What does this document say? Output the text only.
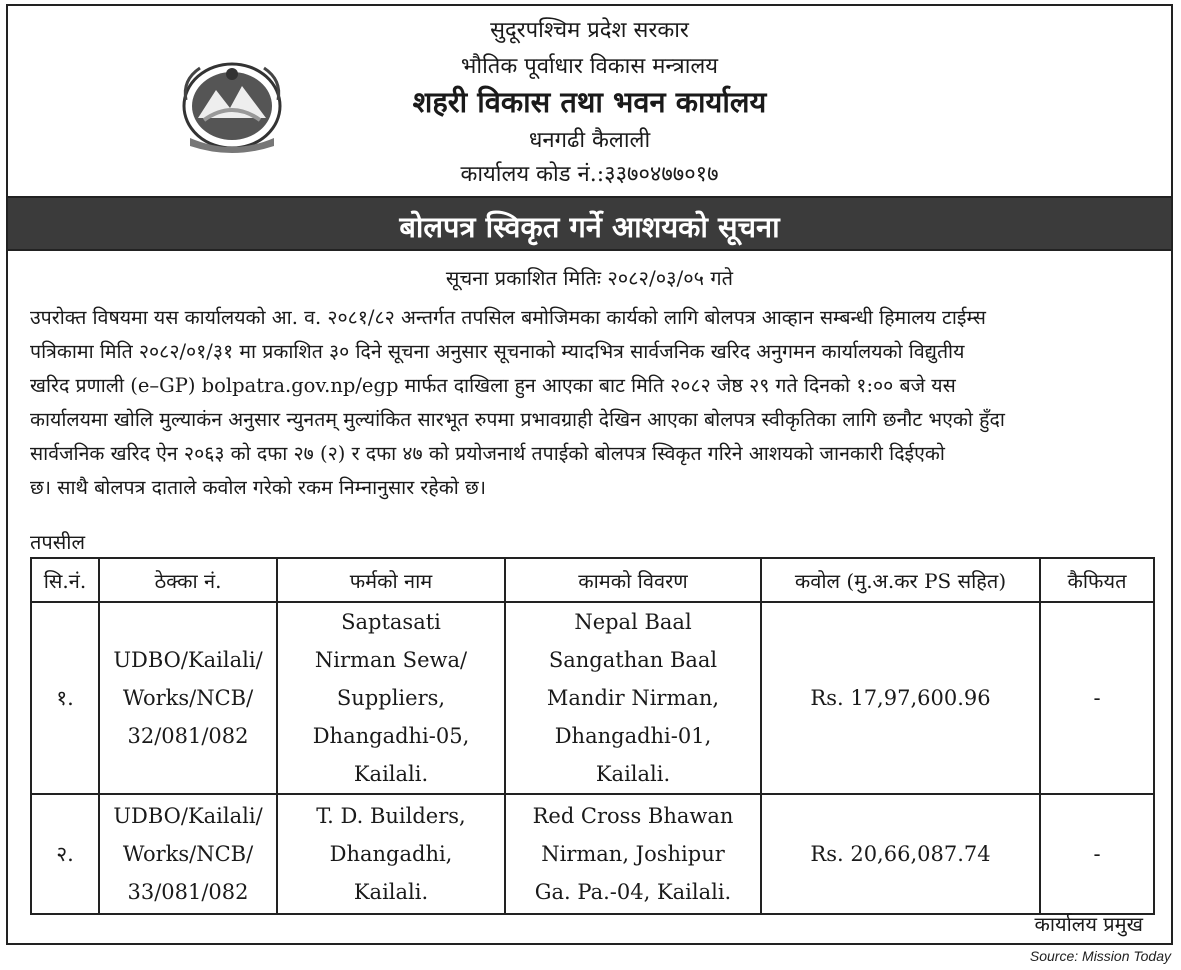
सुदूरपश्चिम प्रदेश सरकार
भौतिक पूर्वाधार विकास मन्त्रालय
शहरी विकास तथा भवन कार्यालय
धनगढी कैलाली
कार्यालय कोड नं.:३३७०४७७०१७
बोलपत्र स्विकृत गर्ने आशयको सूचना
सूचना प्रकाशित मितिः २०८२/०३/०५ गते
उपरोक्त विषयमा यस कार्यालयको आ. व. २०८१/८२ अन्तर्गत तपसिल बमोजिमका कार्यको लागि बोलपत्र आव्हान सम्बन्धी हिमालय टाईम्स
पत्रिकामा मिति २०८२/०१/३१ मा प्रकाशित ३० दिने सूचना अनुसार सूचनाको म्यादभित्र सार्वजनिक खरिद अनुगमन कार्यालयको विद्युतीय
खरिद प्रणाली (e–GP) bolpatra.gov.np/egp मार्फत दाखिला हुन आएका बाट मिति २०८२ जेष्ठ २९ गते दिनको १:०० बजे यस
कार्यालयमा खोलि मुल्याकंन अनुसार न्युनतम् मुल्यांकित सारभूत रुपमा प्रभावग्राही देखिन आएका बोलपत्र स्वीकृतिका लागि छनौट भएको हुँदा
सार्वजनिक खरिद ऐन २०६३ को दफा २७ (२) र दफा ४७ को प्रयोजनार्थ तपाईको बोलपत्र स्विकृत गरिने आशयको जानकारी दिईएको
छ। साथै बोलपत्र दाताले कवोल गरेको रकम निम्नानुसार रहेको छ।
तपसील
सि.नं.	ठेक्का नं.	फर्मको नाम	कामको विवरण	कवोल (मु.अ.कर PS सहित)	कैफियत
१.	UDBO/Kailali/
Works/NCB/
32/081/082	Saptasati
Nirman Sewa/
Suppliers,
Dhangadhi-05,
Kailali.	Nepal Baal
Sangathan Baal
Mandir Nirman,
Dhangadhi-01,
Kailali.	Rs. 17,97,600.96	-
२.	UDBO/Kailali/
Works/NCB/
33/081/082	T. D. Builders,
Dhangadhi,
Kailali.	Red Cross Bhawan
Nirman, Joshipur
Ga. Pa.-04, Kailali.	Rs. 20,66,087.74	-
कार्यालय प्रमुख
Source: Mission Today
